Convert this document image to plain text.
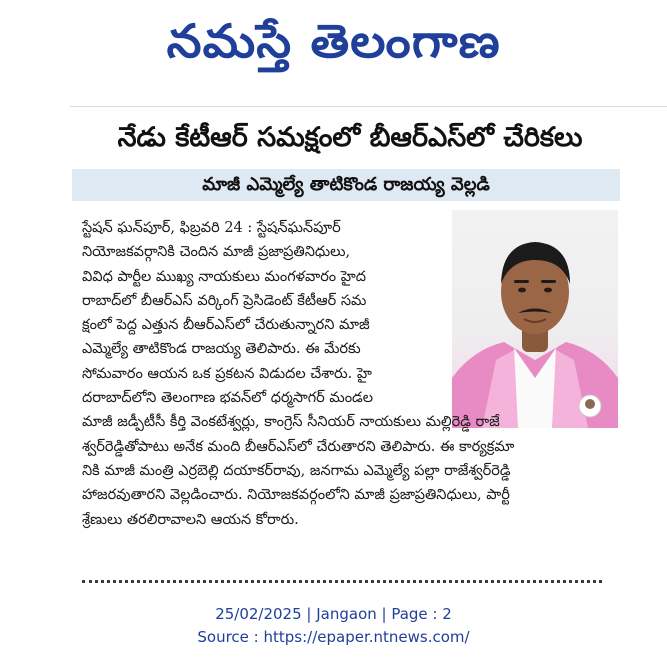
నమస్తే తెలంగాణ
నేడు కేటీఆర్ సమక్షంలో బీఆర్ఎస్‌లో చేరికలు
మాజీ ఎమ్మెల్యే తాటికొండ రాజయ్య వెల్లడి
స్టేషన్ ఘన్‌పూర్, ఫిబ్రవరి 24 : స్టేషన్‌ఘన్‌పూర్
నియోజకవర్గానికి చెందిన మాజీ ప్రజాప్రతినిధులు,
వివిధ పార్టీల ముఖ్య నాయకులు మంగళవారం హైద
రాబాద్‌లో బీఆర్ఎస్ వర్కింగ్ ప్రెసిడెంట్ కేటీఆర్ సమ
క్షంలో పెద్ద ఎత్తున బీఆర్ఎస్‌లో చేరుతున్నారని మాజీ
ఎమ్మెల్యే తాటికొండ రాజయ్య తెలిపారు. ఈ మేరకు
సోమవారం ఆయన ఒక ప్రకటన విడుదల చేశారు. హై
దరాబాద్‌లోని తెలంగాణ భవన్‌లో ధర్మసాగర్ మండల
మాజీ జడ్పీటీసీ కీర్తి వెంకటేశ్వర్లు, కాంగ్రెస్ సీనియర్ నాయకులు మల్లిరెడ్డి రాజే
శ్వర్‌రెడ్డితోపాటు అనేక మంది బీఆర్ఎస్‌లో చేరుతారని తెలిపారు. ఈ కార్యక్రమా
నికి మాజీ మంత్రి ఎర్రబెల్లి దయాకర్‌రావు, జనగామ ఎమ్మెల్యే పల్లా రాజేశ్వర్‌రెడ్డి
హాజరవుతారని వెల్లడించారు. నియోజకవర్గంలోని మాజీ ప్రజాప్రతినిధులు, పార్టీ
శ్రేణులు తరలిరావాలని ఆయన కోరారు.
25/02/2025 | Jangaon | Page : 2
Source : https://epaper.ntnews.com/
